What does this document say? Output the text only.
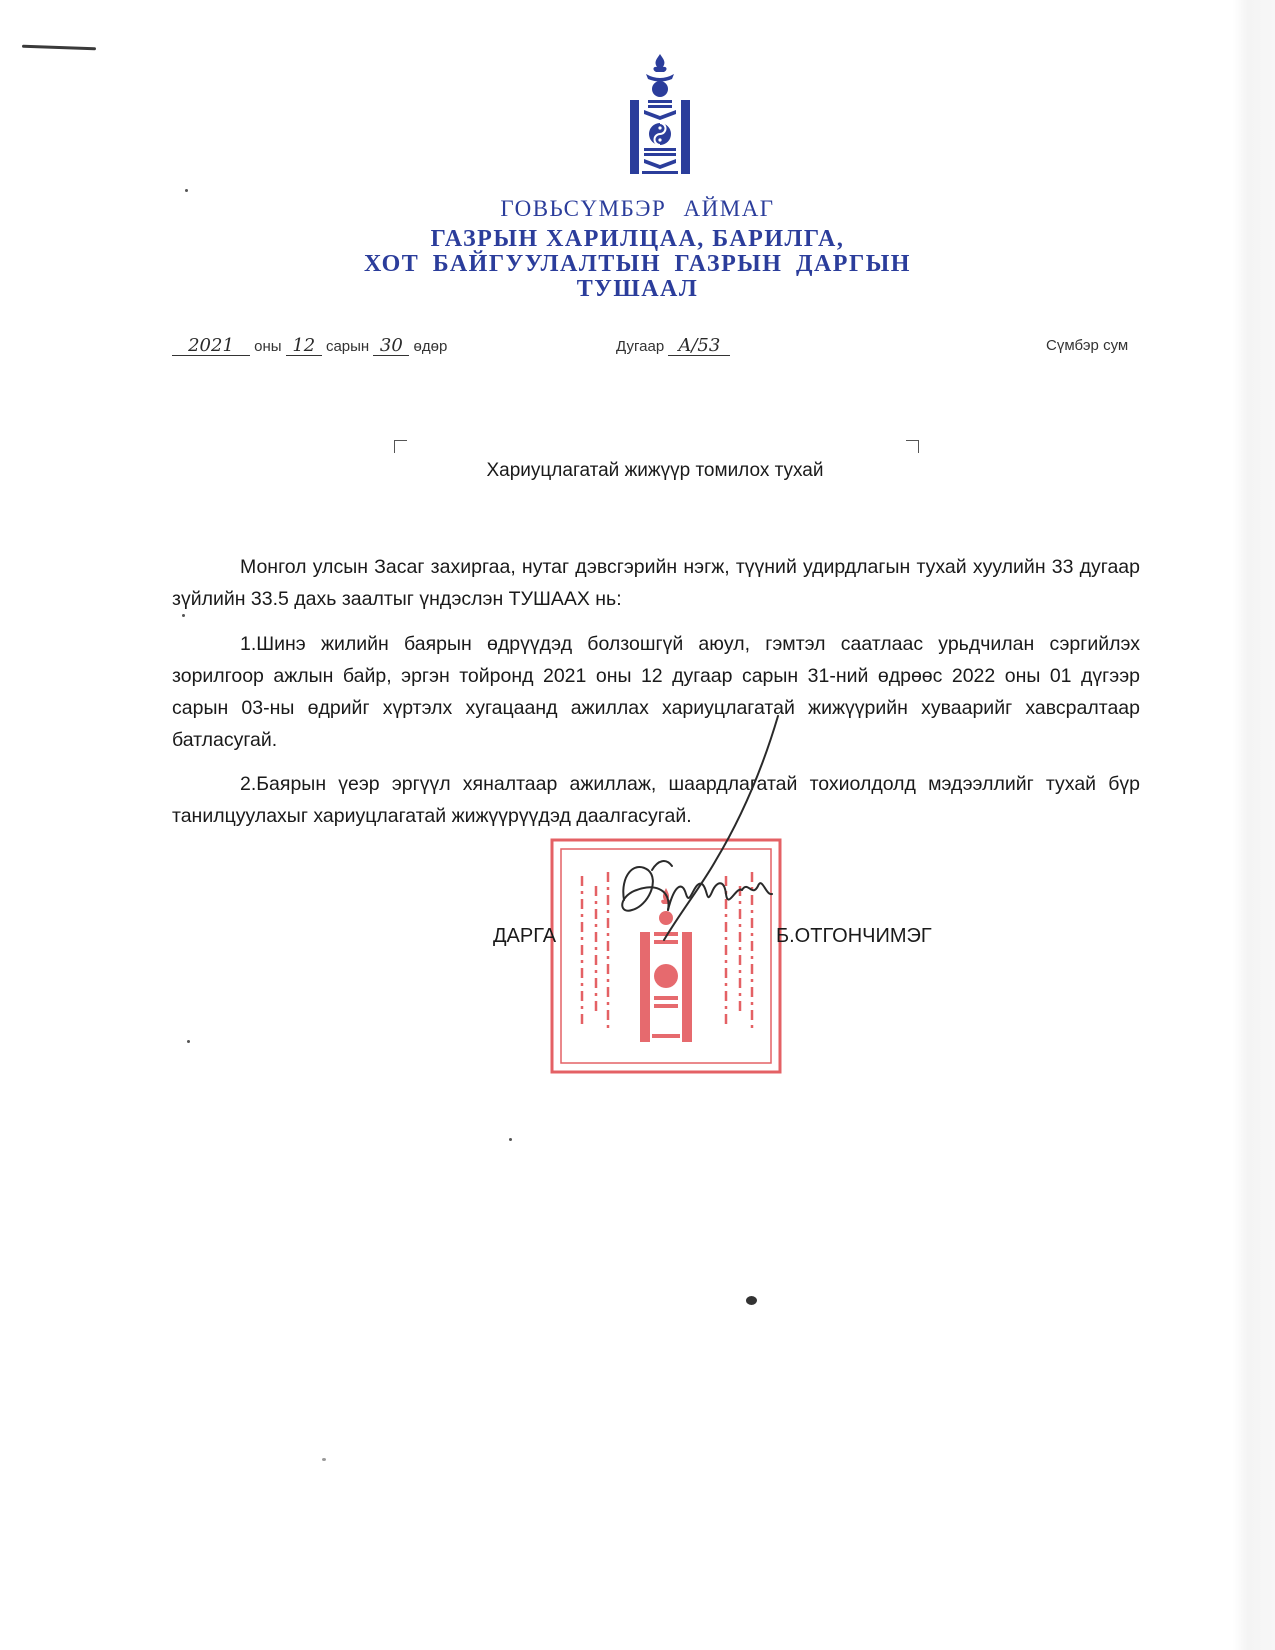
ГОВЬСҮМБЭР АЙМАГ
ГАЗРЫН ХАРИЛЦАА, БАРИЛГА,
ХОТ БАЙГУУЛАЛТЫН ГАЗРЫН ДАРГЫН
ТУШААЛ
2021 оны 12 сарын 30 өдөр	Дугаар A/53	Сүмбэр сум
Хариуцлагатай жижүүр томилох тухай

Монгол улсын Засаг захиргаа, нутаг дэвсгэрийн нэгж, түүний удирдлагын тухай хуулийн 33 дугаар зүйлийн 33.5 дахь заалтыг үндэслэн ТУШААХ нь:

1.Шинэ жилийн баярын өдрүүдэд болзошгүй аюул, гэмтэл саатлаас урьдчилан сэргийлэх зорилгоор ажлын байр, эргэн тойронд 2021 оны 12 дугаар сарын 31-ний өдрөөс 2022 оны 01 дүгээр сарын 03-ны өдрийг хүртэлх хугацаанд ажиллах хариуцлагатай жижүүрийн хуваарийг хавсралтаар батласугай.

2.Баярын үеэр эргүүл хяналтаар ажиллаж, шаардлагатай тохиолдолд мэдээллийг тухай бүр танилцуулахыг хариуцлагатай жижүүрүүдэд даалгасугай.

ДАРГА	Б.ОТГОНЧИМЭГ
